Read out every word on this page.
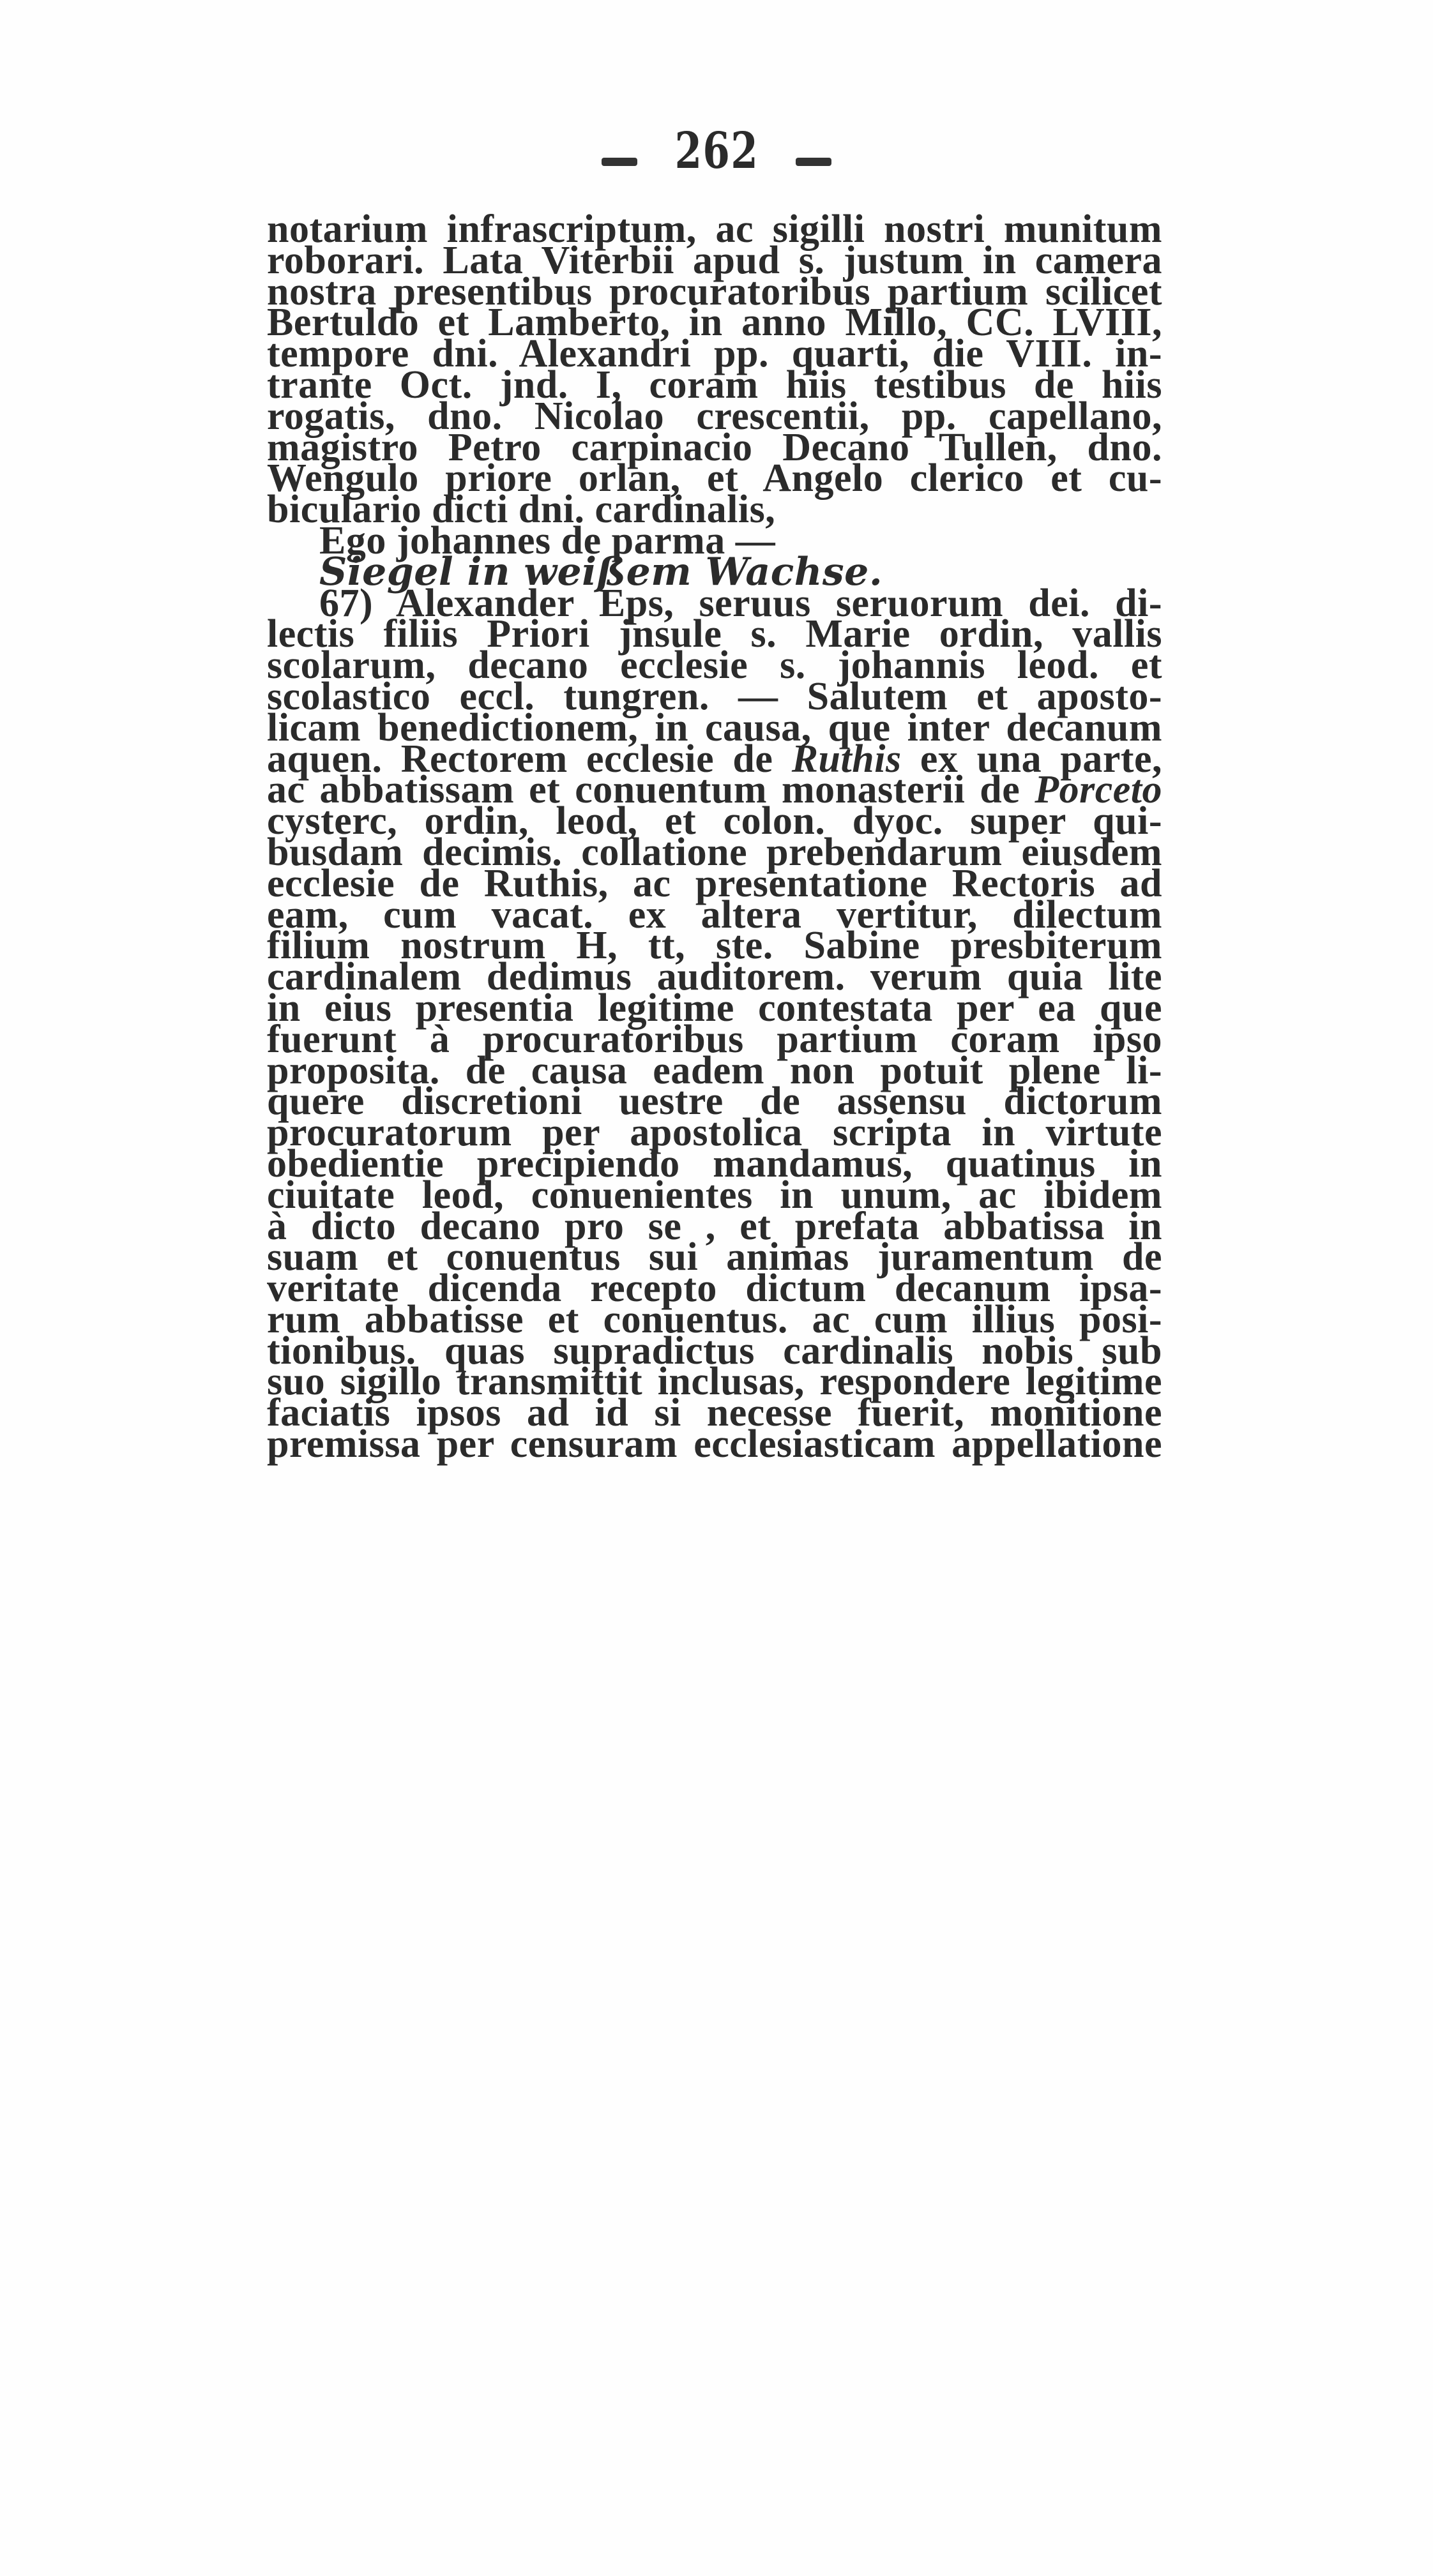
262
notarium infrascriptum, ac sigilli nostri munitum
roborari. Lata Viterbii apud s. justum in camera
nostra presentibus procuratoribus partium scilicet
Bertuldo et Lamberto, in anno Millo, CC. LVIII,
tempore dni. Alexandri pp. quarti, die VIII. in-
trante Oct. jnd. I, coram hiis testibus de hiis
rogatis, dno. Nicolao crescentii, pp. capellano,
magistro Petro carpinacio Decano Tullen, dno.
Wengulo priore orlan, et Angelo clerico et cu-
biculario dicti dni. cardinalis,
Ego johannes de parma —
Siegel in weißem Wachse.
67) Alexander Eps, seruus seruorum dei. di-
lectis filiis Priori jnsule s. Marie ordin, vallis
scolarum, decano ecclesie s. johannis leod. et
scolastico eccl. tungren. — Salutem et aposto-
licam benedictionem, in causa, que inter decanum
aquen. Rectorem ecclesie de Ruthis ex una parte,
ac abbatissam et conuentum monasterii de Porceto
cysterc, ordin, leod, et colon. dyoc. super qui-
busdam decimis. collatione prebendarum eiusdem
ecclesie de Ruthis, ac presentatione Rectoris ad
eam, cum vacat. ex altera vertitur, dilectum
filium nostrum H, tt, ste. Sabine presbiterum
cardinalem dedimus auditorem. verum quia lite
in eius presentia legitime contestata per ea que
fuerunt à procuratoribus partium coram ipso
proposita. de causa eadem non potuit plene li-
quere discretioni uestre de assensu dictorum
procuratorum per apostolica scripta in virtute
obedientie precipiendo mandamus, quatinus in
ciuitate leod, conuenientes in unum, ac ibidem
à dicto decano pro se , et prefata abbatissa in
suam et conuentus sui animas juramentum de
veritate dicenda recepto dictum decanum ipsa-
rum abbatisse et conuentus. ac cum illius posi-
tionibus. quas supradictus cardinalis nobis sub
suo sigillo transmittit inclusas, respondere legitime
faciatis ipsos ad id si necesse fuerit, monitione
premissa per censuram ecclesiasticam appellatione
